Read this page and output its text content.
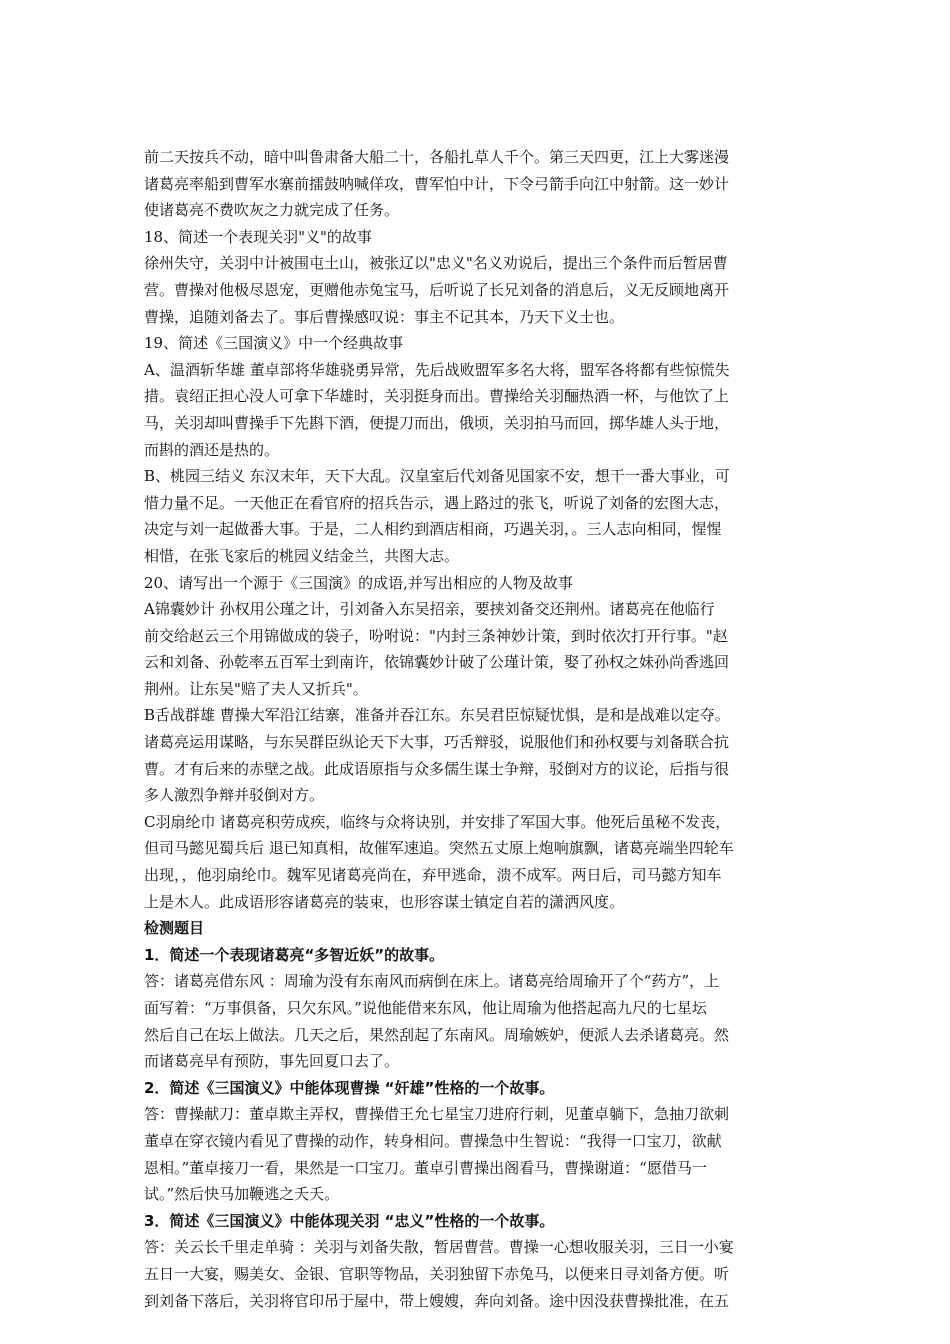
前二天按兵不动，暗中叫鲁肃备大船二十，各船扎草人千个。第三天四更，江上大雾迷漫

诸葛亮率船到曹军水寨前擂鼓呐喊佯攻，曹军怕中计，下令弓箭手向江中射箭。这一妙计

使诸葛亮不费吹灰之力就完成了任务。

18、简述一个表现关羽"义"的故事

徐州失守，关羽中计被围屯土山，被张辽以"忠义"名义劝说后，提出三个条件而后暂居曹

营。曹操对他极尽恩宠，更赠他赤兔宝马，后听说了长兄刘备的消息后，义无反顾地离开

曹操，追随刘备去了。事后曹操感叹说：事主不记其本，乃天下义士也。

19、简述《三国演义》中一个经典故事

A、温酒斩华雄 董卓部将华雄骁勇异常，先后战败盟军多名大将，盟军各将都有些惊慌失

措。袁绍正担心没人可拿下华雄时，关羽挺身而出。曹操给关羽酾热酒一杯，与他饮了上

马，关羽却叫曹操手下先斟下酒，便提刀而出，俄顷，关羽拍马而回，掷华雄人头于地，

而斟的酒还是热的。

B、桃园三结义 东汉末年，天下大乱。汉皇室后代刘备见国家不安，想干一番大事业，可

惜力量不足。一天他正在看官府的招兵告示，遇上路过的张飞，听说了刘备的宏图大志，

决定与刘一起做番大事。于是，二人相约到酒店相商，巧遇关羽，。三人志向相同，惺惺

相惜，在张飞家后的桃园义结金兰，共图大志。

20、请写出一个源于《三国演》的成语,并写出相应的人物及故事

A锦囊妙计 孙权用公瑾之计，引刘备入东吴招亲，要挟刘备交还荆州。诸葛亮在他临行

前交给赵云三个用锦做成的袋子，吩咐说："内封三条神妙计策，到时依次打开行事。"赵

云和刘备、孙乾率五百军士到南许，依锦囊妙计破了公瑾计策，娶了孙权之妹孙尚香逃回

荆州。让东吴"赔了夫人又折兵"。

B舌战群雄 曹操大军沿江结寨，准备并吞江东。东吴君臣惊疑忧惧，是和是战难以定夺。

诸葛亮运用谋略，与东吴群臣纵论天下大事，巧舌辩驳，说服他们和孙权要与刘备联合抗

曹。才有后来的赤壁之战。此成语原指与众多儒生谋士争辩，驳倒对方的议论，后指与很

多人激烈争辩并驳倒对方。

C羽扇纶巾 诸葛亮积劳成疾，临终与众将诀别，并安排了军国大事。他死后虽秘不发丧，

但司马懿见蜀兵后 退已知真相，故催军速追。突然五丈原上炮响旗飘，诸葛亮端坐四轮车

出现，，他羽扇纶巾。魏军见诸葛亮尚在，弃甲逃命，溃不成军。两日后，司马懿方知车

上是木人。此成语形容诸葛亮的装束，也形容谋士镇定自若的潇洒风度。

检测题目

1．简述一个表现诸葛亮“多智近妖”的故事。

答：诸葛亮借东风 ：周瑜为没有东南风而病倒在床上。诸葛亮给周瑜开了个“药方”，上

面写着：“万事俱备，只欠东风。”说他能借来东风，他让周瑜为他搭起高九尺的七星坛

然后自己在坛上做法。几天之后，果然刮起了东南风。周瑜嫉妒，便派人去杀诸葛亮。然

而诸葛亮早有预防，事先回夏口去了。

2．简述《三国演义》中能体现曹操 “奸雄”性格的一个故事。

答：曹操献刀：董卓欺主弄权，曹操借王允七星宝刀进府行刺，见董卓躺下，急抽刀欲刺

董卓在穿衣镜内看见了曹操的动作，转身相问。曹操急中生智说：“我得一口宝刀，欲献

恩相。”董卓接刀一看，果然是一口宝刀。董卓引曹操出阁看马，曹操谢道：“愿借马一

试。”然后快马加鞭逃之夭夭。

3．简述《三国演义》中能体现关羽 “忠义”性格的一个故事。

答：关云长千里走单骑 ：关羽与刘备失散，暂居曹营。曹操一心想收服关羽，三日一小宴

五日一大宴，赐美女、金银、官职等物品，关羽独留下赤兔马，以便来日寻刘备方便。听

到刘备下落后，关羽将官印吊于屋中，带上嫂嫂，奔向刘备。途中因没获曹操批准，在五
